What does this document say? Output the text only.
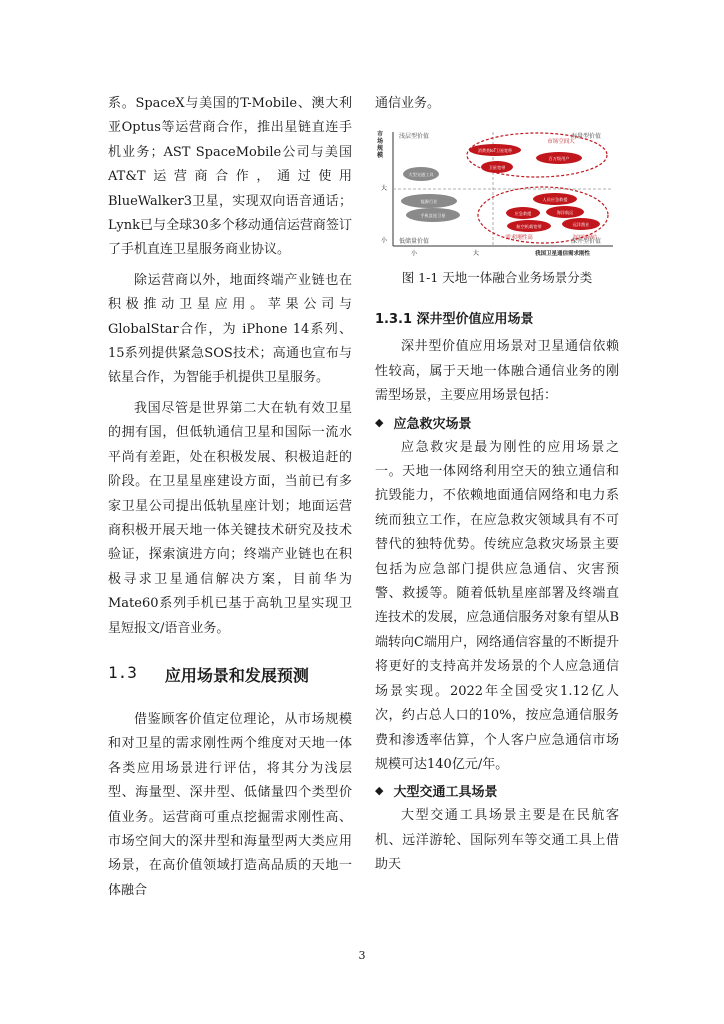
系。SpaceX与美国的T-Mobile、澳大利亚Optus等运营商合作，推出星链直连手机业务；AST SpaceMobile公司与美国AT&T运营商合作，通过使用BlueWalker3卫星，实现双向语音通话；Lynk已与全球30多个移动通信运营商签订了手机直连卫星服务商业协议。

除运营商以外，地面终端产业链也在积极推动卫星应用。苹果公司与GlobalStar合作，为 iPhone 14系列、15系列提供紧急SOS技术；高通也宣布与铱星合作，为智能手机提供卫星服务。

我国尽管是世界第二大在轨有效卫星的拥有国，但低轨通信卫星和国际一流水平尚有差距，处在积极发展、积极追赶的阶段。在卫星星座建设方面，当前已有多家卫星公司提出低轨星座计划；地面运营商积极开展天地一体关键技术研究及技术验证，探索演进方向；终端产业链也在积极寻求卫星通信解决方案，目前华为Mate60系列手机已基于高轨卫星实现卫星短报文/语音业务。

1.3 应用场景和发展预测

借鉴顾客价值定位理论，从市场规模和对卫星的需求刚性两个维度对天地一体各类应用场景进行评估，将其分为浅层型、海量型、深井型、低储量四个类型价值业务。运营商可重点挖掘需求刚性高、市场空间大的深井型和海量型两大类应用场景，在高价值领域打造高品质的天地一体融合

通信业务。

浅层型价值	海量型价值
低储量价值	深井型价值
市
场
规
模
大
小
小	大	我国卫星通信需求刚性
市场空间大
消费类IoT卫星宽带
百万级用户
卫星宽带
大型交通工具
人员应急救援
应急救援	海洋航运
能源行业
手机直连卫星
航空机载宽带	远洋渔业
需求刚性高	海洋机载通信
图 1-1 天地一体融合业务场景分类
1.3.1 深井型价值应用场景

深井型价值应用场景对卫星通信依赖性较高，属于天地一体融合通信业务的刚需型场景，主要应用场景包括：

◆ 应急救灾场景

应急救灾是最为刚性的应用场景之一。天地一体网络利用空天的独立通信和抗毁能力，不依赖地面通信网络和电力系统而独立工作，在应急救灾领域具有不可替代的独特优势。传统应急救灾场景主要包括为应急部门提供应急通信、灾害预警、救援等。随着低轨星座部署及终端直连技术的发展，应急通信服务对象有望从B端转向C端用户，网络通信容量的不断提升将更好的支持高并发场景的个人应急通信场景实现。2022年全国受灾1.12亿人次，约占总人口的10%，按应急通信服务费和渗透率估算，个人客户应急通信市场规模可达140亿元/年。

◆ 大型交通工具场景

大型交通工具场景主要是在民航客机、远洋游轮、国际列车等交通工具上借助天

3
